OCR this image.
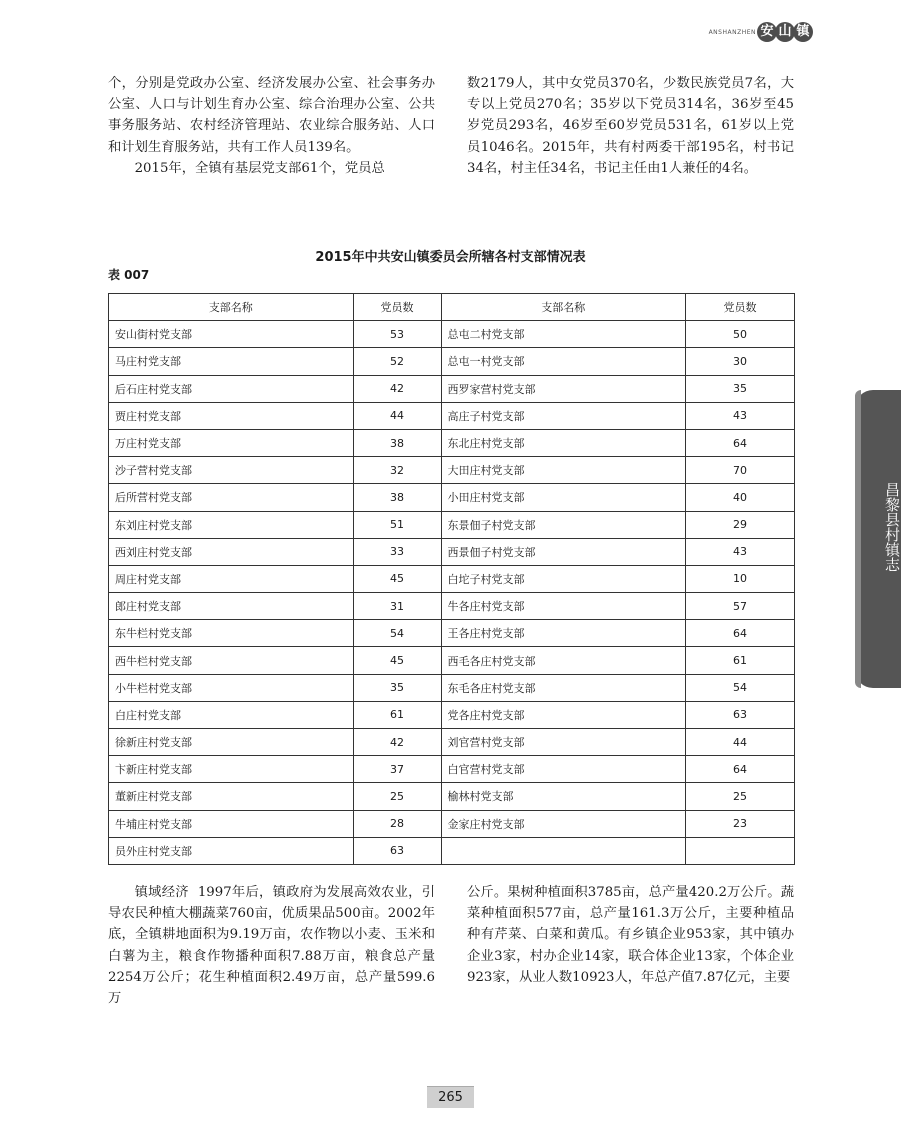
ANSHANZHEN 安 山 镇

个，分别是党政办公室、经济发展办公室、社会事务办公室、人口与计划生育办公室、综合治理办公室、公共事务服务站、农村经济管理站、农业综合服务站、人口和计划生育服务站，共有工作人员139名。

2015年，全镇有基层党支部61个，党员总

数2179人，其中女党员370名，少数民族党员7名，大专以上党员270名；35岁以下党员314名，36岁至45岁党员293名，46岁至60岁党员531名，61岁以上党员1046名。2015年，共有村两委干部195名，村书记34名，村主任34名，书记主任由1人兼任的4名。

2015年中共安山镇委员会所辖各村支部情况表
表 007
支部名称	党员数	支部名称	党员数
安山街村党支部	53	总屯二村党支部	50
马庄村党支部	52	总屯一村党支部	30
后石庄村党支部	42	西罗家营村党支部	35
贾庄村党支部	44	高庄子村党支部	43
万庄村党支部	38	东北庄村党支部	64
沙子营村党支部	32	大田庄村党支部	70
后所营村党支部	38	小田庄村党支部	40
东刘庄村党支部	51	东景佃子村党支部	29
西刘庄村党支部	33	西景佃子村党支部	43
周庄村党支部	45	白坨子村党支部	10
郎庄村党支部	31	牛各庄村党支部	57
东牛栏村党支部	54	王各庄村党支部	64
西牛栏村党支部	45	西毛各庄村党支部	61
小牛栏村党支部	35	东毛各庄村党支部	54
白庄村党支部	61	党各庄村党支部	63
徐新庄村党支部	42	刘官营村党支部	44
卞新庄村党支部	37	白官营村党支部	64
董新庄村党支部	25	榆林村党支部	25
牛埔庄村党支部	28	金家庄村党支部	23
员外庄村党支部	63		

镇域经济 1997年后，镇政府为发展高效农业，引导农民种植大棚蔬菜760亩，优质果品500亩。2002年底，全镇耕地面积为9.19万亩，农作物以小麦、玉米和白薯为主，粮食作物播种面积7.88万亩，粮食总产量2254万公斤；花生种植面积2.49万亩，总产量599.6万

公斤。果树种植面积3785亩，总产量420.2万公斤。蔬菜种植面积577亩，总产量161.3万公斤，主要种植品种有芹菜、白菜和黄瓜。有乡镇企业953家，其中镇办企业3家，村办企业14家，联合体企业13家，个体企业923家，从业人数10923人，年总产值7.87亿元，主要

昌黎县村镇志
265
